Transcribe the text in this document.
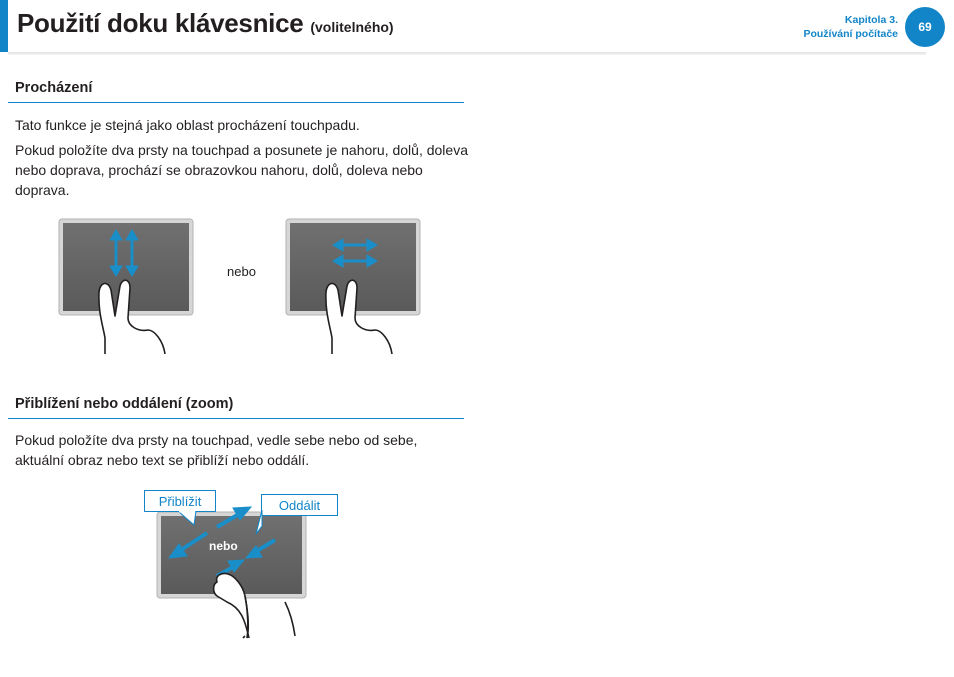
Použití doku klávesnice (volitelného)	Kapitola 3.
Používání počítače	69
Procházení

Tato funkce je stejná jako oblast procházení touchpadu.

Pokud položíte dva prsty na touchpad a posunete je nahoru, dolů, doleva nebo doprava, prochází se obrazovkou nahoru, dolů, doleva nebo doprava.

nebo
Přiblížení nebo oddálení (zoom)

Pokud položíte dva prsty na touchpad, vedle sebe nebo od sebe, aktuální obraz nebo text se přiblíží nebo oddálí.

nebo
Přiblížit	Oddálit
